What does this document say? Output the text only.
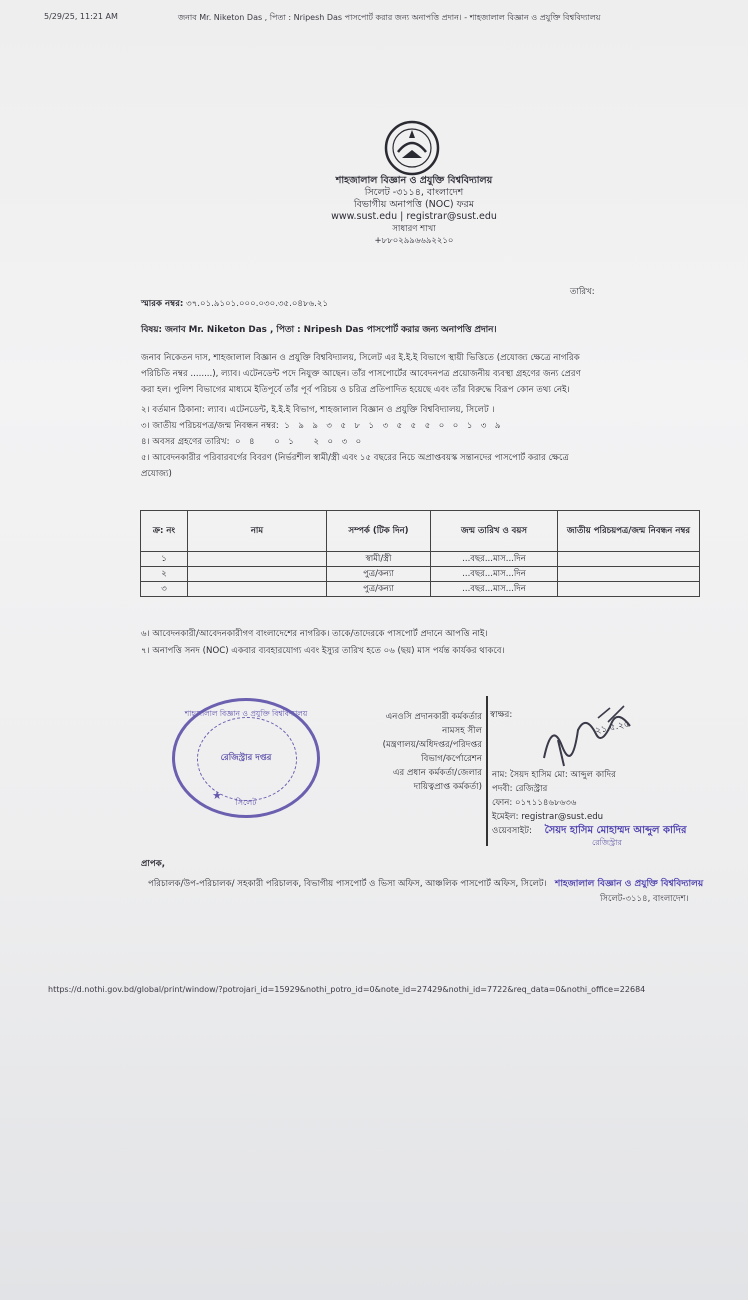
5/29/25, 11:21 AM	জনাব Mr. Niketon Das , পিতা : Nripesh Das পাসপোর্ট করার জন্য অনাপত্তি প্রদান। - শাহজালাল বিজ্ঞান ও প্রযুক্তি বিশ্ববিদ্যালয়
শাহজালাল বিজ্ঞান ও প্রযুক্তি বিশ্ববিদ্যালয়
সিলেট -৩১১৪, বাংলাদেশ
বিভাগীয় অনাপত্তি (NOC) ফরম
www.sust.edu | registrar@sust.edu
সাধারণ শাখা
+৮৮০২৯৯৬৬৯২২১০
স্মারক নম্বর: ৩৭.০১.৯১০১.০০০.০৩০.৩৫.০৪৮৬.২১
তারিখ:
বিষয়: জনাব Mr. Niketon Das , পিতা : Nripesh Das পাসপোর্ট করার জন্য অনাপত্তি প্রদান।
জনাব নিকেতন দাস, শাহজালাল বিজ্ঞান ও প্রযুক্তি বিশ্ববিদ্যালয়, সিলেট এর ই.ই.ই বিভাগে স্থায়ী ভিত্তিতে (প্রযোজ্য ক্ষেত্রে নাগরিক
পরিচিতি নম্বর ........), ল্যাব। এটেনডেন্ট পদে নিযুক্ত আছেন। তাঁর পাসপোর্টের আবেদনপত্র প্রয়োজনীয় ব্যবস্থা গ্রহণের জন্য প্রেরণ
করা হল। পুলিশ বিভাগের মাধ্যমে ইতিপূর্বে তাঁর পূর্ব পরিচয় ও চরিত্র প্রতিপাদিত হয়েছে এবং তাঁর বিরুদ্ধে বিরূপ কোন তথ্য নেই।
২। বর্তমান ঠিকানা: ল্যাব। এটেনডেন্ট, ই.ই.ই বিভাগ, শাহজালাল বিজ্ঞান ও প্রযুক্তি বিশ্ববিদ্যালয়, সিলেট ।
৩। জাতীয় পরিচয়পত্র/জন্ম নিবন্ধন নম্বর: ১  ৯  ৯  ৩  ৫  ৮  ১  ৩  ৫  ৫  ৫  ০  ০  ১  ৩  ৯
৪। অবসর গ্রহণের তারিখ: ০  ৪     ০  ১     ২  ০  ৩  ০
৫। আবেদনকারীর পরিবারবর্গের বিবরণ (নির্ভরশীল স্বামী/স্ত্রী এবং ১৫ বছরের নিচে অপ্রাপ্তবয়স্ক সন্তানদের পাসপোর্ট করার ক্ষেত্রে
প্রযোজ্য)
ক্র: নং	নাম	সম্পর্ক (টিক দিন)	জন্ম তারিখ ও বয়স	জাতীয় পরিচয়পত্র/জন্ম নিবন্ধন নম্বর
১		স্বামী/স্ত্রী	...বছর...মাস...দিন	
২		পুত্র/কন্যা	...বছর...মাস...দিন	
৩		পুত্র/কন্যা	...বছর...মাস...দিন	
৬। আবেদনকারী/আবেদনকারীগণ বাংলাদেশের নাগরিক। তাকে/তাদেরকে পাসপোর্ট প্রদানে আপত্তি নাই।
৭। অনাপত্তি সনদ (NOC) একবার ব্যবহারযোগ্য এবং ইস্যুর তারিখ হতে ০৬ (ছয়) মাস পর্যন্ত কার্যকর থাকবে।
শাহজালাল বিজ্ঞান ও প্রযুক্তি বিশ্ববিদ্যালয়
রেজিস্ট্রার দপ্তর
সিলেট
★
এনওসি প্রদানকারী কর্মকর্তার
নামসহ সীল
(মন্ত্রণালয়/অধিদপ্তর/পরিদপ্তর
বিভাগ/কর্পোরেশন
এর প্রধান কর্মকর্তা/জেলার
দায়িত্বপ্রাপ্ত কর্মকর্তা)
স্বাক্ষর:
২১.৫.২৫
নাম: সৈয়দ হাসিম মো: আব্দুল কাদির
পদবী: রেজিস্ট্রার
ফোন: ০১৭১১৪৬৮৬৩৬
ইমেইল: registrar@sust.edu
ওয়েবসাইট: সৈয়দ হাসিম মোহাম্মদ আব্দুল কাদির
রেজিস্ট্রার
প্রাপক,
পরিচালক/উপ-পরিচালক/ সহকারী পরিচালক, বিভাগীয় পাসপোর্ট ও ভিসা অফিস, আঞ্চলিক পাসপোর্ট অফিস, সিলেট। শাহজালাল বিজ্ঞান ও প্রযুক্তি বিশ্ববিদ্যালয়
সিলেট-৩১১৪, বাংলাদেশ।
https://d.nothi.gov.bd/global/print/window/?potrojari_id=15929&nothi_potro_id=0&note_id=27429&nothi_id=7722&req_data=0&nothi_office=22684
